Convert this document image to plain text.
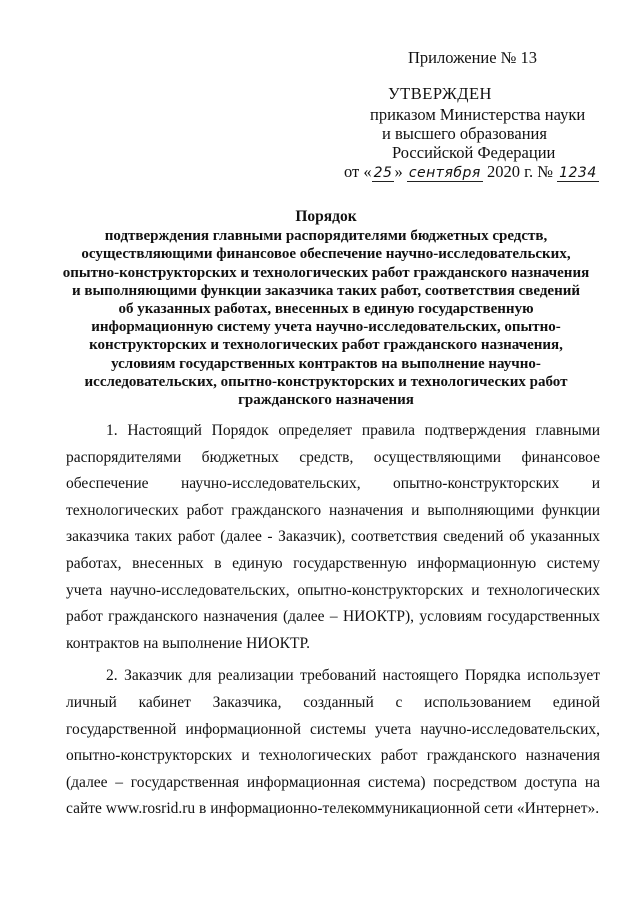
Приложение № 13
УТВЕРЖДЕН
приказом Министерства науки
и высшего образования
Российской Федерации
от « 25 » сентября 2020 г. № 1234
Порядок
подтверждения главными распорядителями бюджетных средств,
осуществляющими финансовое обеспечение научно-исследовательских,
опытно-конструкторских и технологических работ гражданского назначения
и выполняющими функции заказчика таких работ, соответствия сведений
об указанных работах, внесенных в единую государственную
информационную систему учета научно-исследовательских, опытно-
конструкторских и технологических работ гражданского назначения,
условиям государственных контрактов на выполнение научно-
исследовательских, опытно-конструкторских и технологических работ
гражданского назначения

1. Настоящий Порядок определяет правила подтверждения главными распорядителями бюджетных средств, осуществляющими финансовое обеспечение научно-исследовательских, опытно-конструкторских и технологических работ гражданского назначения и выполняющими функции заказчика таких работ (далее - Заказчик), соответствия сведений об указанных работах, внесенных в единую государственную информационную систему учета научно-исследовательских, опытно-конструкторских и технологических работ гражданского назначения (далее – НИОКТР), условиям государственных контрактов на выполнение НИОКТР.

2. Заказчик для реализации требований настоящего Порядка использует личный кабинет Заказчика, созданный с использованием единой государственной информационной системы учета научно-исследовательских, опытно-конструкторских и технологических работ гражданского назначения (далее – государственная информационная система) посредством доступа на сайте www.rosrid.ru в информационно-телекоммуникационной сети «Интернет».
